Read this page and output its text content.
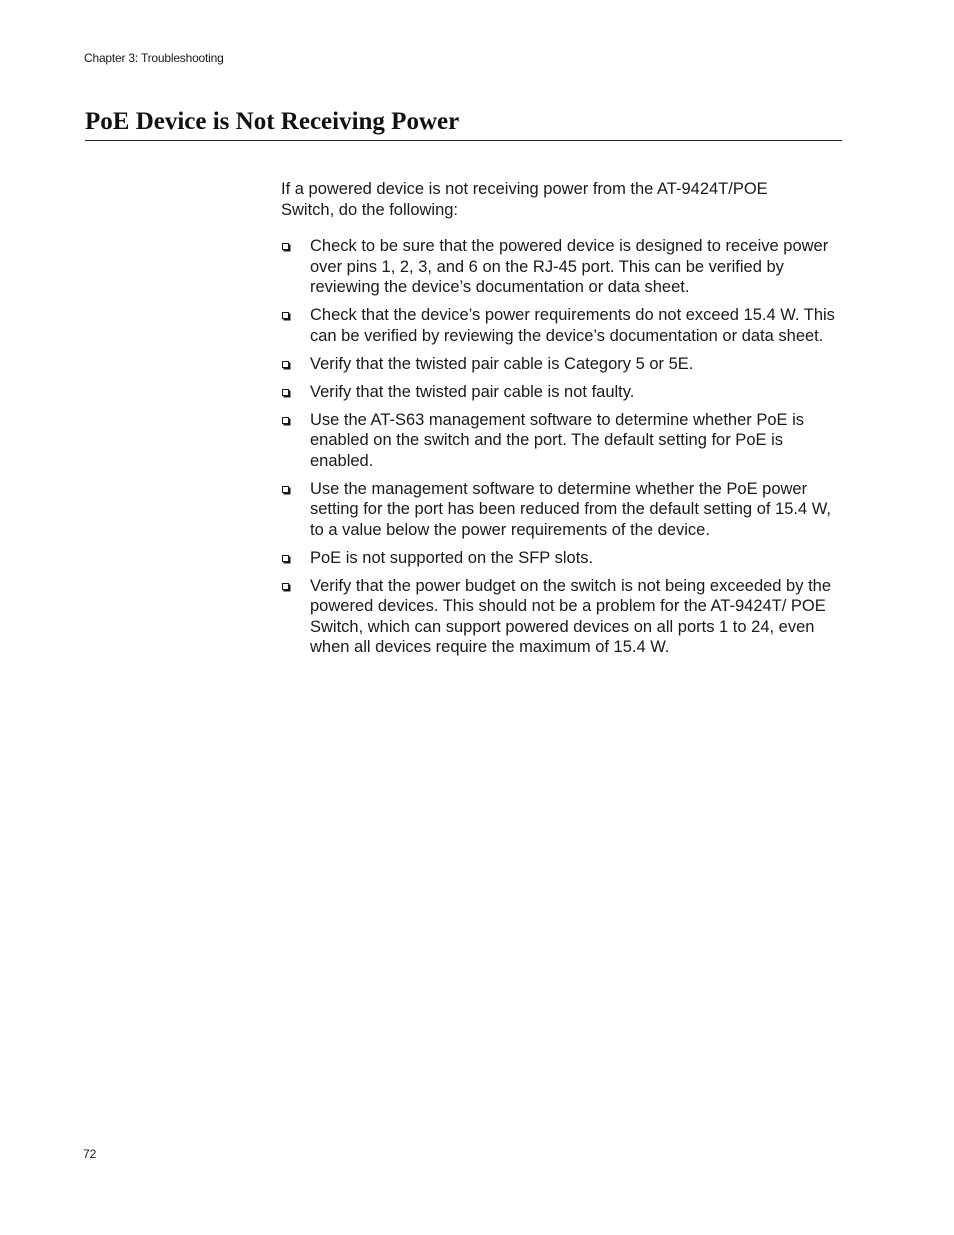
Chapter 3: Troubleshooting
PoE Device is Not Receiving Power

If a powered device is not receiving power from the AT-9424T/POE Switch, do the following:

Check to be sure that the powered device is designed to receive power over pins 1, 2, 3, and 6 on the RJ-45 port. This can be verified by reviewing the device’s documentation or data sheet.
Check that the device’s power requirements do not exceed 15.4 W. This can be verified by reviewing the device’s documentation or data sheet.
Verify that the twisted pair cable is Category 5 or 5E.
Verify that the twisted pair cable is not faulty.
Use the AT-S63 management software to determine whether PoE is enabled on the switch and the port. The default setting for PoE is enabled.
Use the management software to determine whether the PoE power setting for the port has been reduced from the default setting of 15.4 W, to a value below the power requirements of the device.
PoE is not supported on the SFP slots.
Verify that the power budget on the switch is not being exceeded by the powered devices. This should not be a problem for the AT-9424T/ POE Switch, which can support powered devices on all ports 1 to 24, even when all devices require the maximum of 15.4 W.
72
